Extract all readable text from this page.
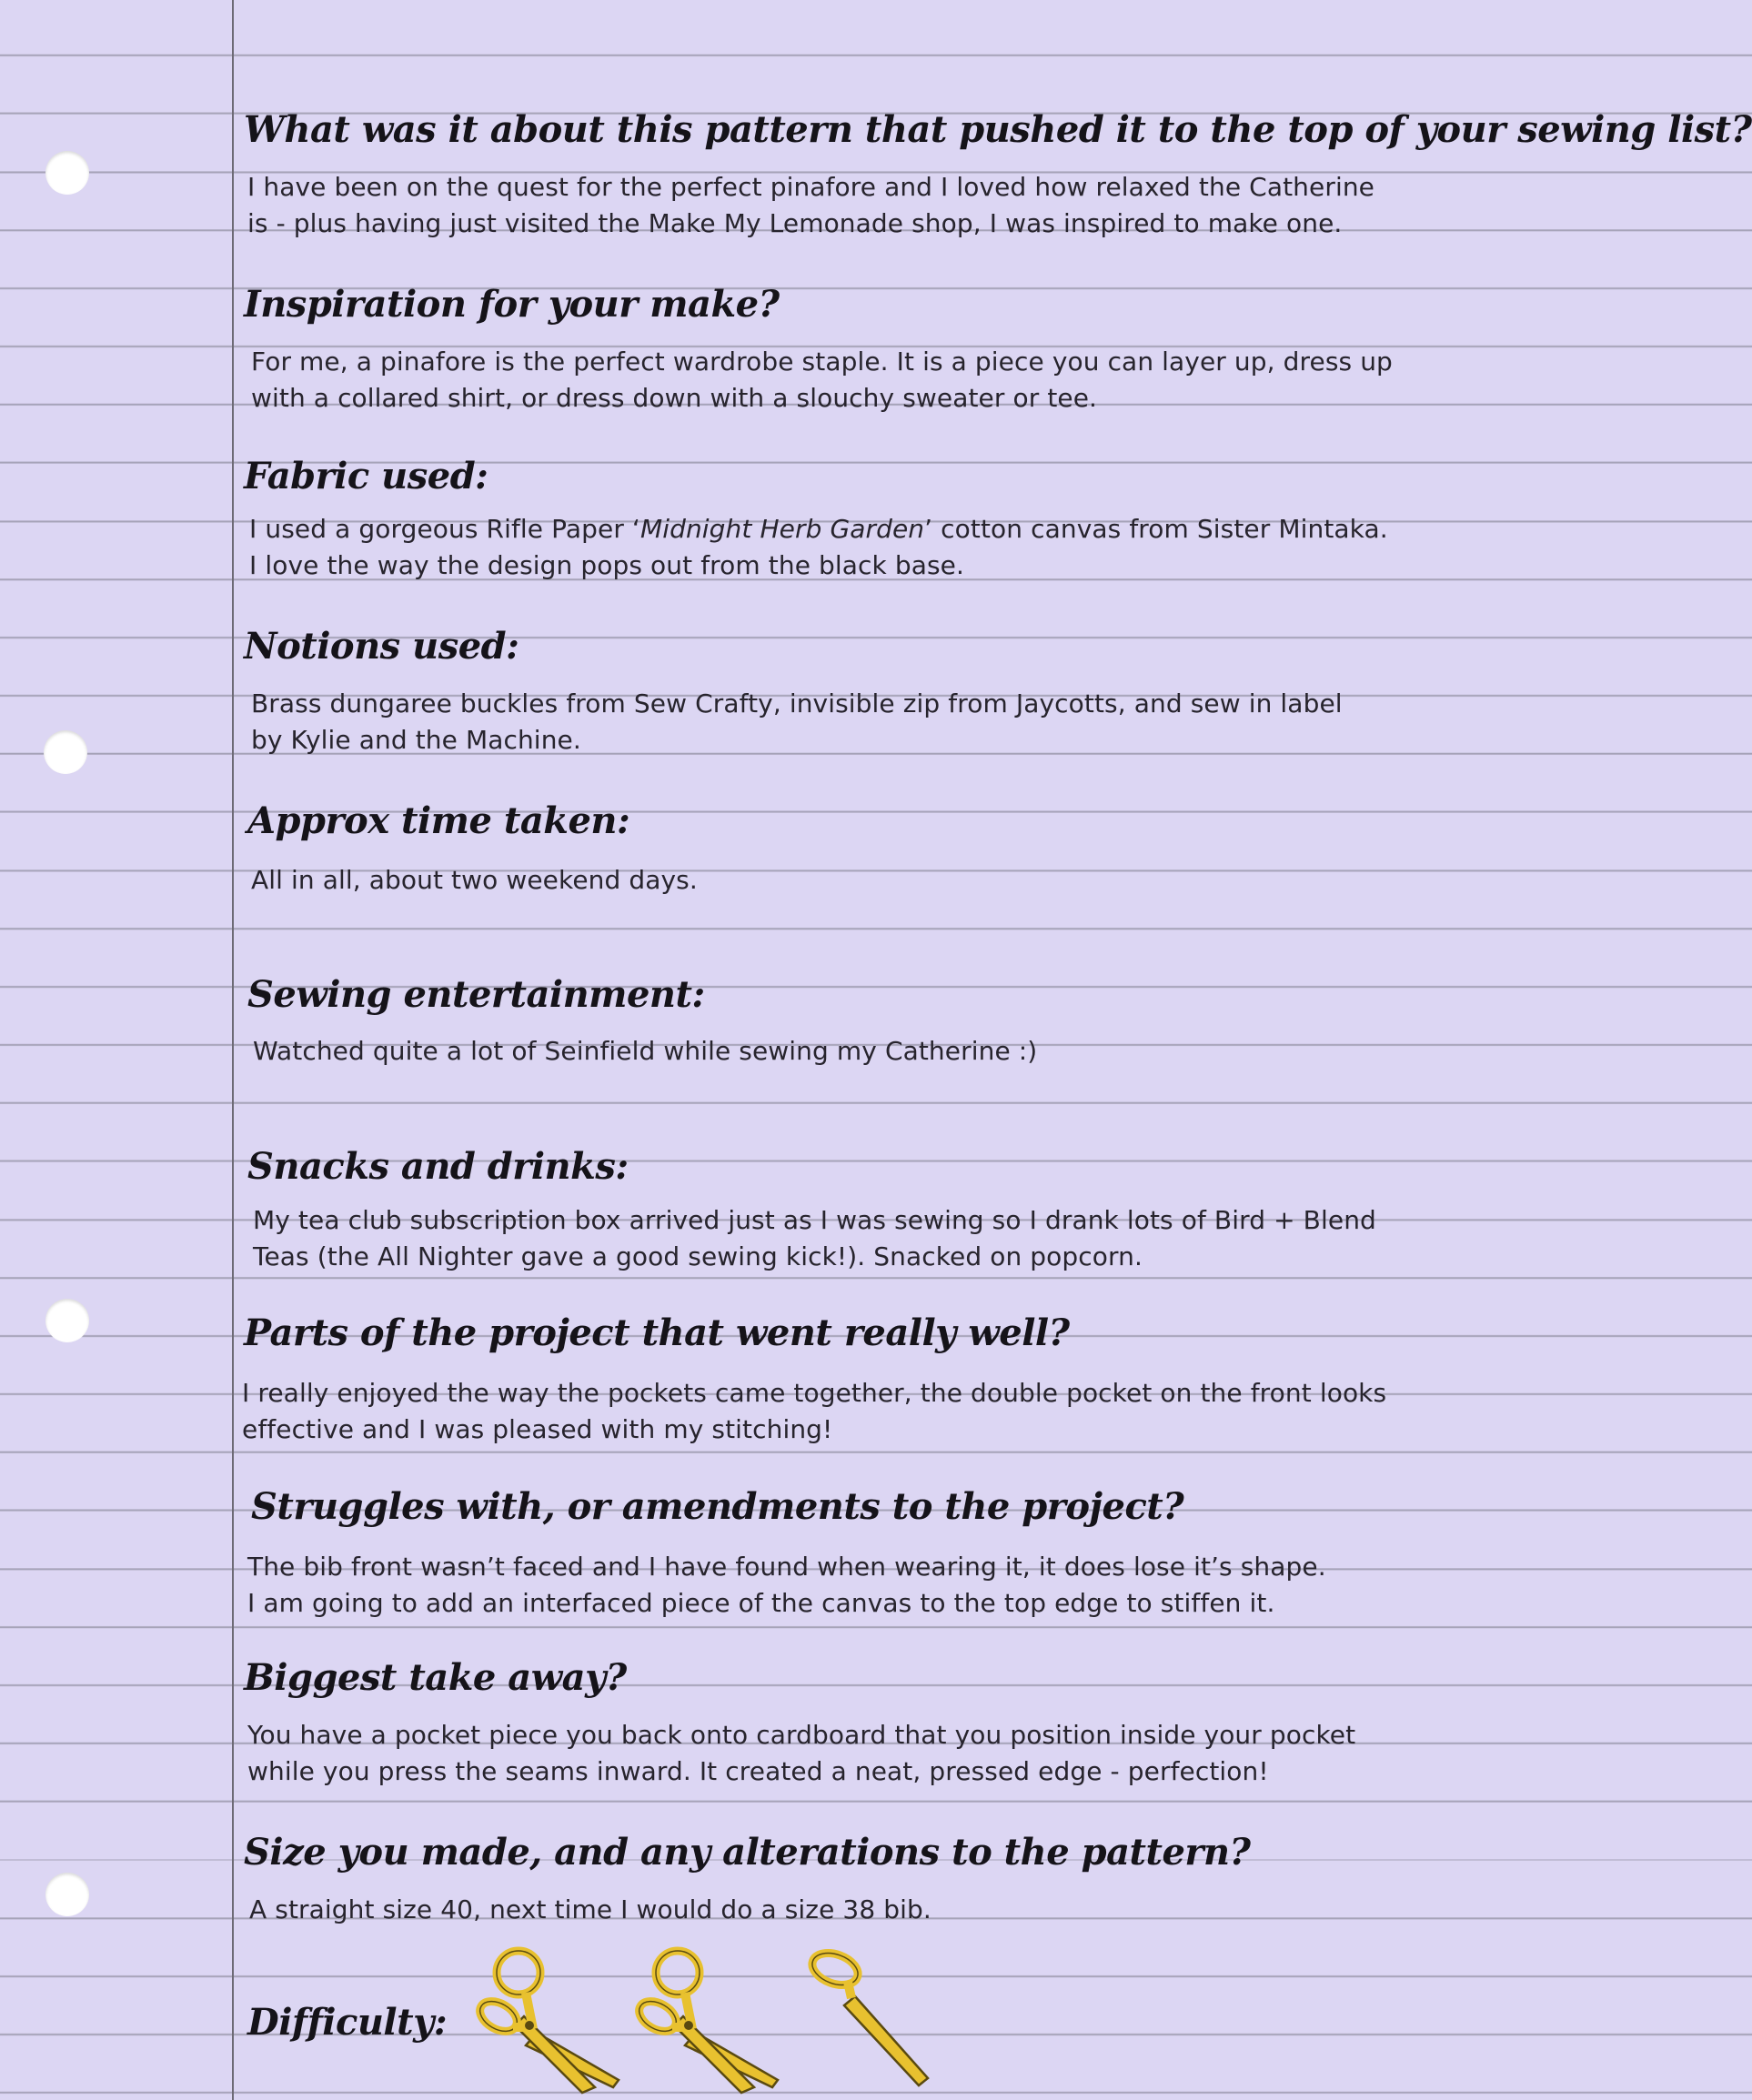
What was it about this pattern that pushed it to the top of your sewing list?

I have been on the quest for the perfect pinafore and I loved how relaxed the Catherine

is - plus having just visited the Make My Lemonade shop, I was inspired to make one.

Inspiration for your make?

For me, a pinafore is the perfect wardrobe staple. It is a piece you can layer up, dress up

with a collared shirt, or dress down with a slouchy sweater or tee.

Fabric used:

I used a gorgeous Rifle Paper ‘Midnight Herb Garden’ cotton canvas from Sister Mintaka.

I love the way the design pops out from the black base.

Notions used:

Brass dungaree buckles from Sew Crafty, invisible zip from Jaycotts, and sew in label

by Kylie and the Machine.

Approx time taken:

All in all, about two weekend days.

Sewing entertainment:

Watched quite a lot of Seinfield while sewing my Catherine :)

Snacks and drinks:

My tea club subscription box arrived just as I was sewing so I drank lots of Bird + Blend

Teas (the All Nighter gave a good sewing kick!). Snacked on popcorn.

Parts of the project that went really well?

I really enjoyed the way the pockets came together, the double pocket on the front looks

effective and I was pleased with my stitching!

Struggles with, or amendments to the project?

The bib front wasn’t faced and I have found when wearing it, it does lose it’s shape.

I am going to add an interfaced piece of the canvas to the top edge to stiffen it.

Biggest take away?

You have a pocket piece you back onto cardboard that you position inside your pocket

while you press the seams inward. It created a neat, pressed edge - perfection!

Size you made, and any alterations to the pattern?

A straight size 40, next time I would do a size 38 bib.

Difficulty:
